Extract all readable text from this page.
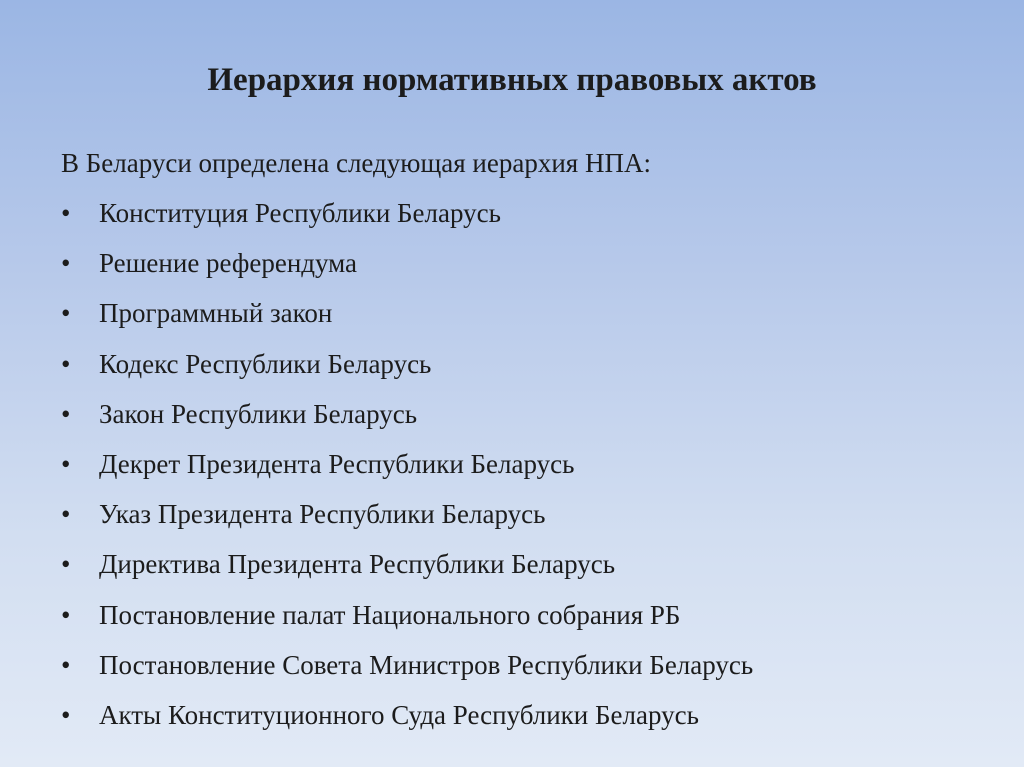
Иерархия нормативных правовых актов

В Беларуси определена следующая иерархия НПА:

•	Конституция Республики Беларусь
•	Решение референдума
•	Программный закон
•	Кодекс Республики Беларусь
•	Закон Республики Беларусь
•	Декрет Президента Республики Беларусь
•	Указ Президента Республики Беларусь
•	Директива Президента Республики Беларусь
•	Постановление палат Национального собрания РБ
•	Постановление Совета Министров Республики Беларусь
•	Акты Конституционного Суда Республики Беларусь
